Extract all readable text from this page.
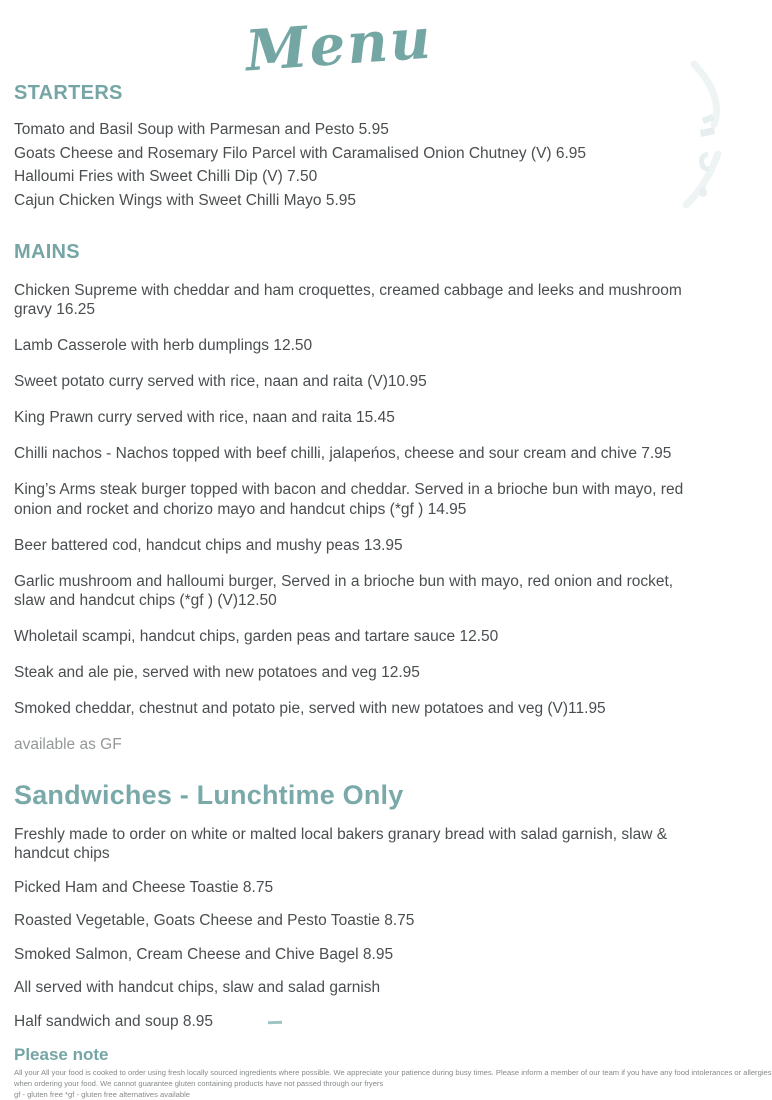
Menu
STARTERS

Tomato and Basil Soup with Parmesan and Pesto 5.95

Goats Cheese and Rosemary Filo Parcel with Caramalised Onion Chutney (V) 6.95

Halloumi Fries with Sweet Chilli Dip (V) 7.50

Cajun Chicken Wings with Sweet Chilli Mayo 5.95

MAINS

Chicken Supreme with cheddar and ham croquettes, creamed cabbage and leeks and mushroom gravy 16.25

Lamb Casserole with herb dumplings 12.50

Sweet potato curry served with rice, naan and raita (V)10.95

King Prawn curry served with rice, naan and raita 15.45

Chilli nachos - Nachos topped with beef chilli, jalapeńos, cheese and sour cream and chive 7.95

King’s Arms steak burger topped with bacon and cheddar. Served in a brioche bun with mayo, red onion and rocket and chorizo mayo and handcut chips (*gf ) 14.95

Beer battered cod, handcut chips and mushy peas 13.95

Garlic mushroom and halloumi burger, Served in a brioche bun with mayo, red onion and rocket, slaw and handcut chips (*gf ) (V)12.50

Wholetail scampi, handcut chips, garden peas and tartare sauce 12.50

Steak and ale pie, served with new potatoes and veg 12.95

Smoked cheddar, chestnut and potato pie, served with new potatoes and veg (V)11.95

available as GF

Sandwiches - Lunchtime Only

Freshly made to order on white or malted local bakers granary bread with salad garnish, slaw & handcut chips

Picked Ham and Cheese Toastie 8.75

Roasted Vegetable, Goats Cheese and Pesto Toastie 8.75

Smoked Salmon, Cream Cheese and Chive Bagel 8.95

All served with handcut chips, slaw and salad garnish

Half sandwich and soup 8.95

Please note

All your All your food is cooked to order using fresh locally sourced ingredients where possible. We appreciate your patience during busy times. Please inform a member of our team if you have any food intolerances or allergies

when ordering your food. We cannot guarantee gluten containing products have not passed through our fryers

gf - gluten free *gf - gluten free alternatives available
